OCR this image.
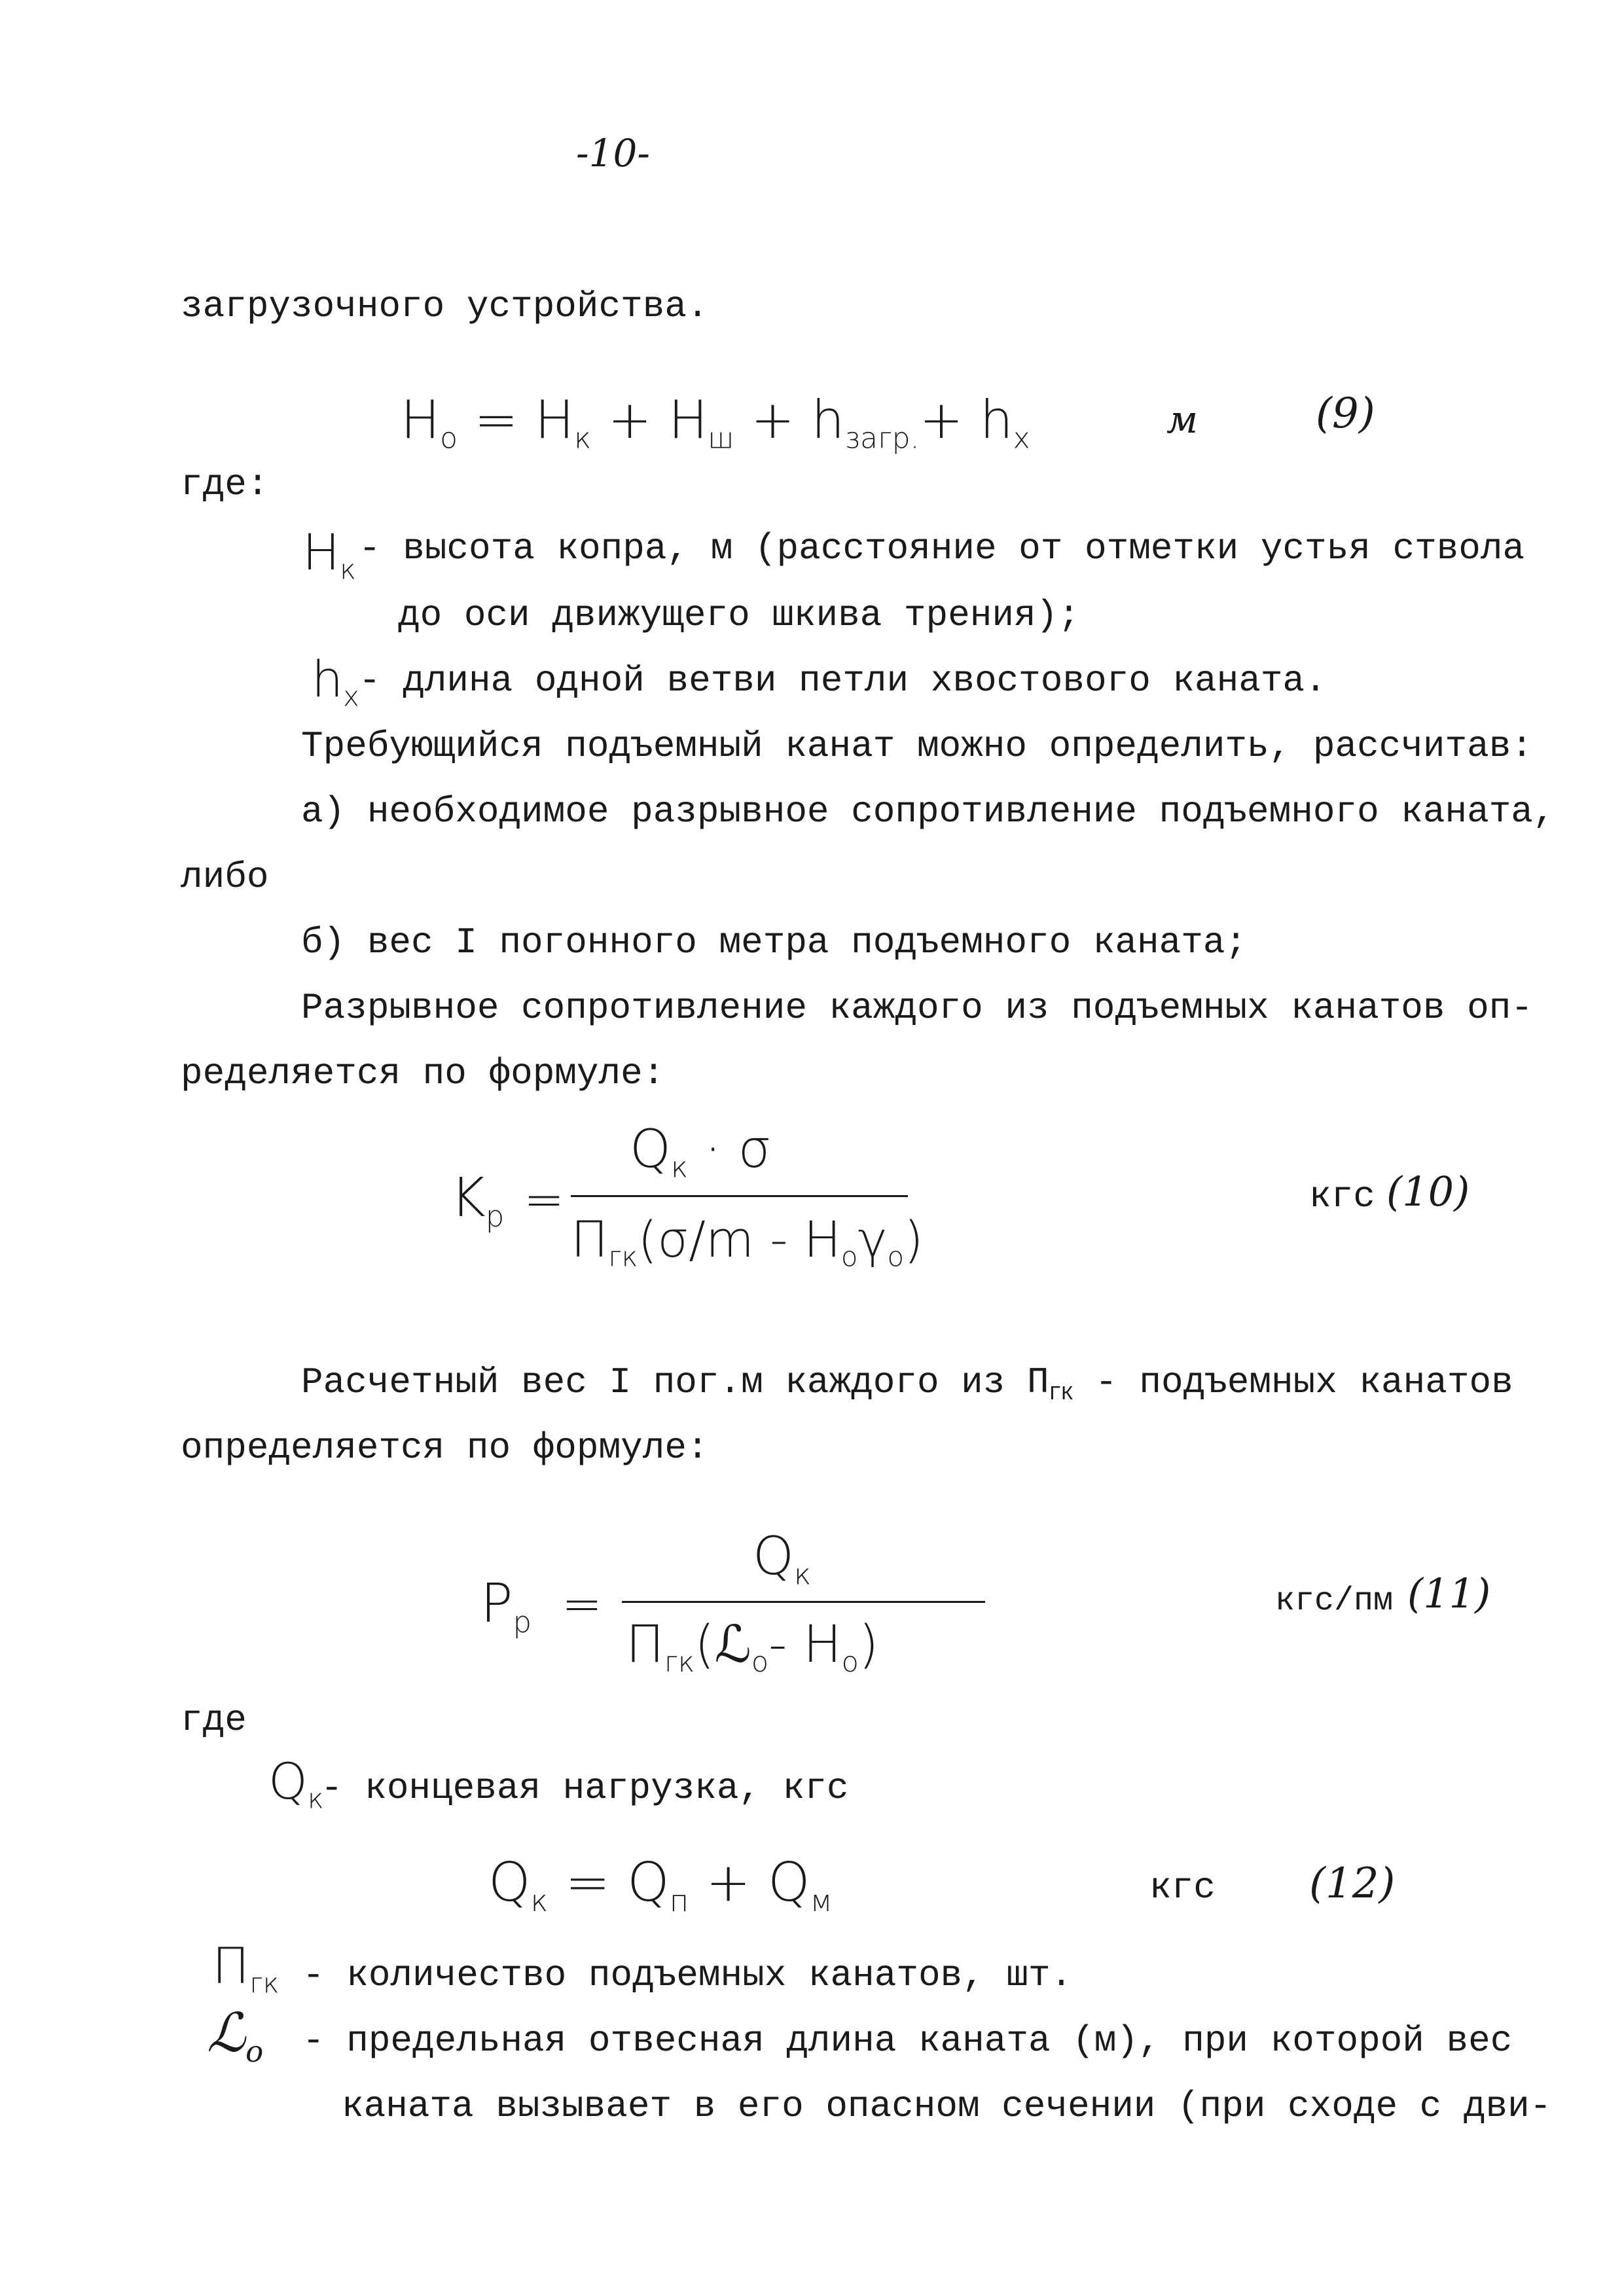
-10-
загрузочного устройства.
$H_o = H_к + H_ш + h_{загр.}+ h_x$	м	(9)
где:
$H_к$
- высота копра, м (расстояние от отметки устья ствола
до оси движущего шкива трения);
$h_x$ - длина одной ветви петли хвостового каната.
Требующийся подъемный канат можно определить, рассчитав:
а) необходимое разрывное сопротивление подъемного каната,
либо
б) вес I погонного метра подъемного каната;
Разрывное сопротивление каждого из подъемных канатов оп-
ределяется по формуле:
$K_p$ =
$Q_к \cdot \sigma$
$П_{гк}(\sigma/m - H_o\gamma_o)$
кгс (10)
Расчетный вес I пог.м каждого из $П_{ГК}$ - подъемных канатов
определяется по формуле:
$P_p$ =
$Q_к$
$П_{гк}(ℒ_o-$ $H_o$)
кгс/пм (11)
где
$Q_к$
- концевая нагрузка, кгс
$Q_к = Q_п + Q_м$	кгс (12)
$П_{гк}$ - количество подъемных канатов, шт.
ℒ$_o$ - предельная отвесная длина каната (м), при которой вес
каната вызывает в его опасном сечении (при сходе с дви-
